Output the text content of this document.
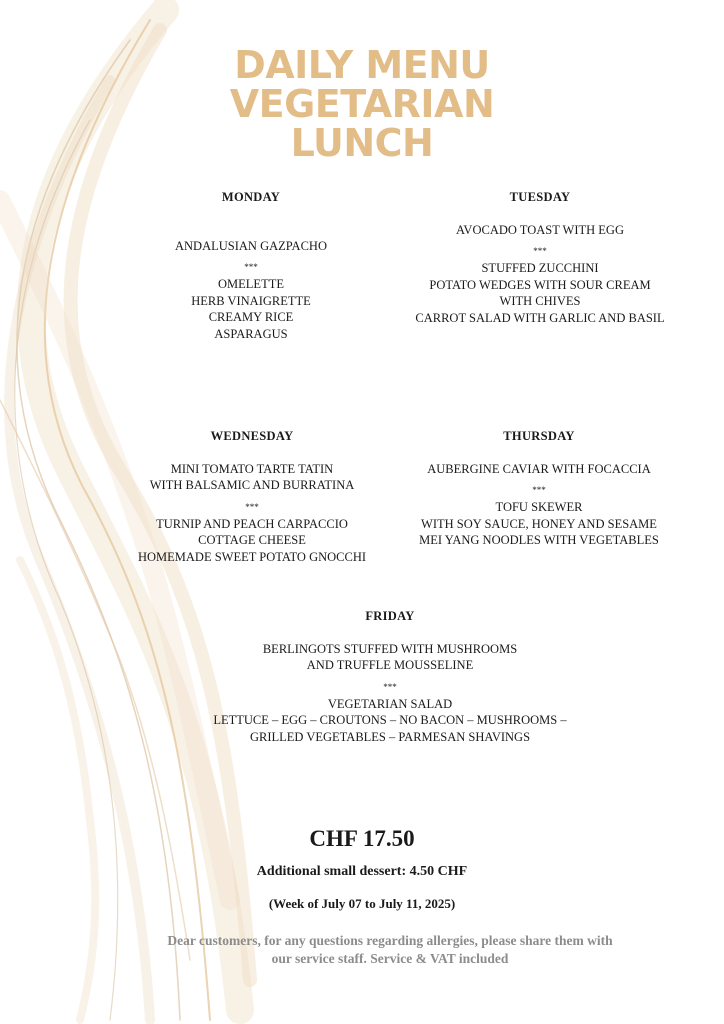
DAILY MENU
VEGETARIAN
LUNCH
MONDAY
ANDALUSIAN GAZPACHO
***
OMELETTE
HERB VINAIGRETTE
CREAMY RICE
ASPARAGUS
TUESDAY
AVOCADO TOAST WITH EGG
***
STUFFED ZUCCHINI
POTATO WEDGES WITH SOUR CREAM
WITH CHIVES
CARROT SALAD WITH GARLIC AND BASIL
WEDNESDAY
MINI TOMATO TARTE TATIN
WITH BALSAMIC AND BURRATINA
***
TURNIP AND PEACH CARPACCIO
COTTAGE CHEESE
HOMEMADE SWEET POTATO GNOCCHI
THURSDAY
AUBERGINE CAVIAR WITH FOCACCIA
***
TOFU SKEWER
WITH SOY SAUCE, HONEY AND SESAME
MEI YANG NOODLES WITH VEGETABLES
FRIDAY
BERLINGOTS STUFFED WITH MUSHROOMS
AND TRUFFLE MOUSSELINE
***
VEGETARIAN SALAD
LETTUCE – EGG – CROUTONS – NO BACON – MUSHROOMS –
GRILLED VEGETABLES – PARMESAN SHAVINGS
CHF 17.50
Additional small dessert: 4.50 CHF
(Week of July 07 to July 11, 2025)
Dear customers, for any questions regarding allergies, please share them with
our service staff. Service & VAT included
